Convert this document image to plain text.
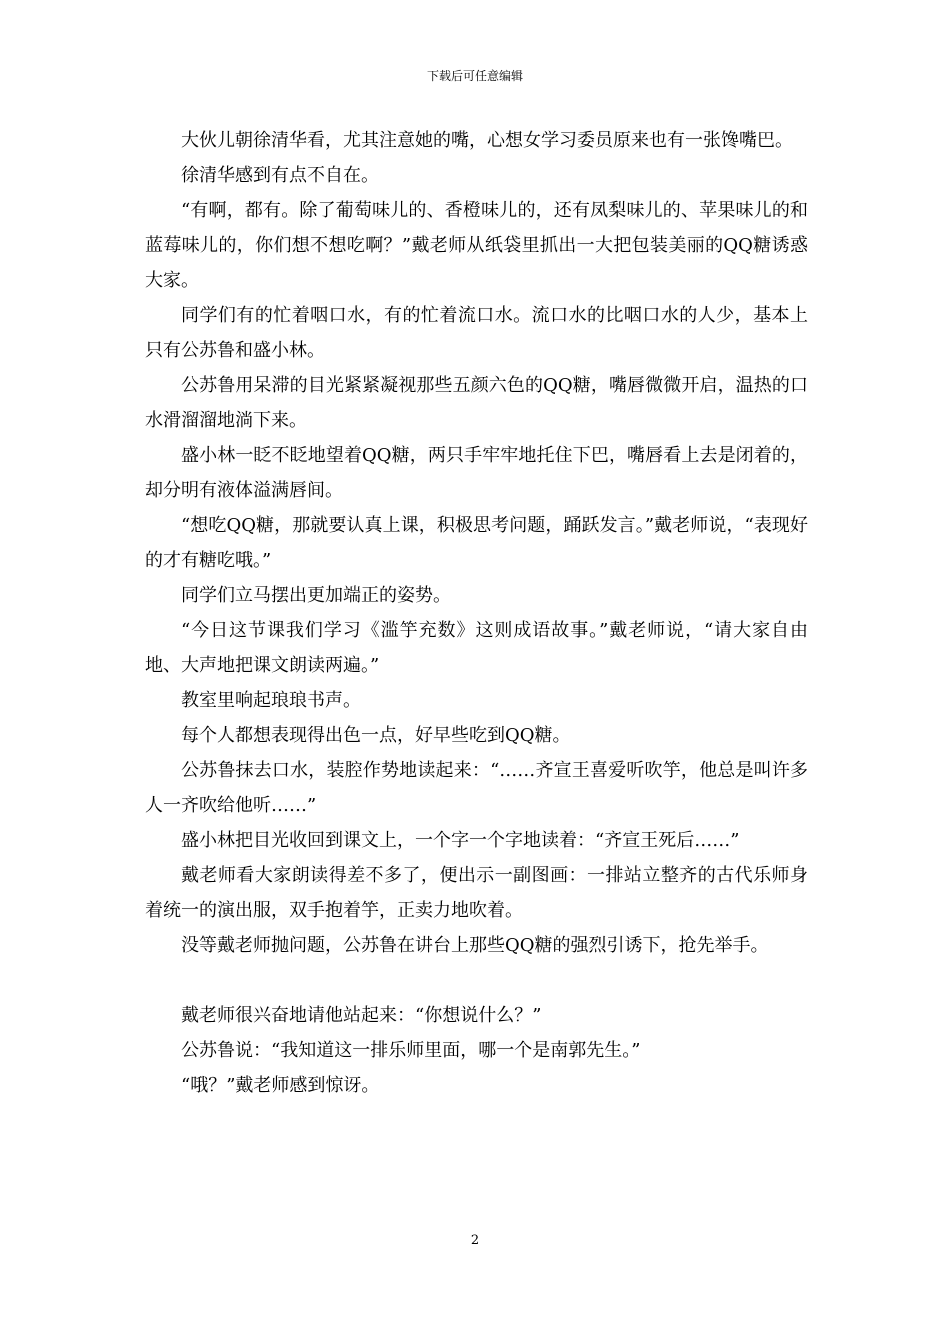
下载后可任意编辑

大伙儿朝徐清华看，尤其注意她的嘴，心想女学习委员原来也有一张馋嘴巴。

徐清华感到有点不自在。

“有啊，都有。除了葡萄味儿的、香橙味儿的，还有凤梨味儿的、苹果味儿的和蓝莓味儿的，你们想不想吃啊？”戴老师从纸袋里抓出一大把包装美丽的QQ糖诱惑大家。

同学们有的忙着咽口水，有的忙着流口水。流口水的比咽口水的人少，基本上只有公苏鲁和盛小林。

公苏鲁用呆滞的目光紧紧凝视那些五颜六色的QQ糖，嘴唇微微开启，温热的口水滑溜溜地淌下来。

盛小林一眨不眨地望着QQ糖，两只手牢牢地托住下巴，嘴唇看上去是闭着的，却分明有液体溢满唇间。

“想吃QQ糖，那就要认真上课，积极思考问题，踊跃发言。”戴老师说，“表现好的才有糖吃哦。”

同学们立马摆出更加端正的姿势。

“今日这节课我们学习《滥竽充数》这则成语故事。”戴老师说，“请大家自由地、大声地把课文朗读两遍。”

教室里响起琅琅书声。

每个人都想表现得出色一点，好早些吃到QQ糖。

公苏鲁抹去口水，装腔作势地读起来：“……齐宣王喜爱听吹竽，他总是叫许多人一齐吹给他听……”

盛小林把目光收回到课文上，一个字一个字地读着：“齐宣王死后……”

戴老师看大家朗读得差不多了，便出示一副图画：一排站立整齐的古代乐师身着统一的演出服，双手抱着竽，正卖力地吹着。

没等戴老师抛问题，公苏鲁在讲台上那些QQ糖的强烈引诱下，抢先举手。

戴老师很兴奋地请他站起来：“你想说什么？”

公苏鲁说：“我知道这一排乐师里面，哪一个是南郭先生。”

“哦？”戴老师感到惊讶。

2
